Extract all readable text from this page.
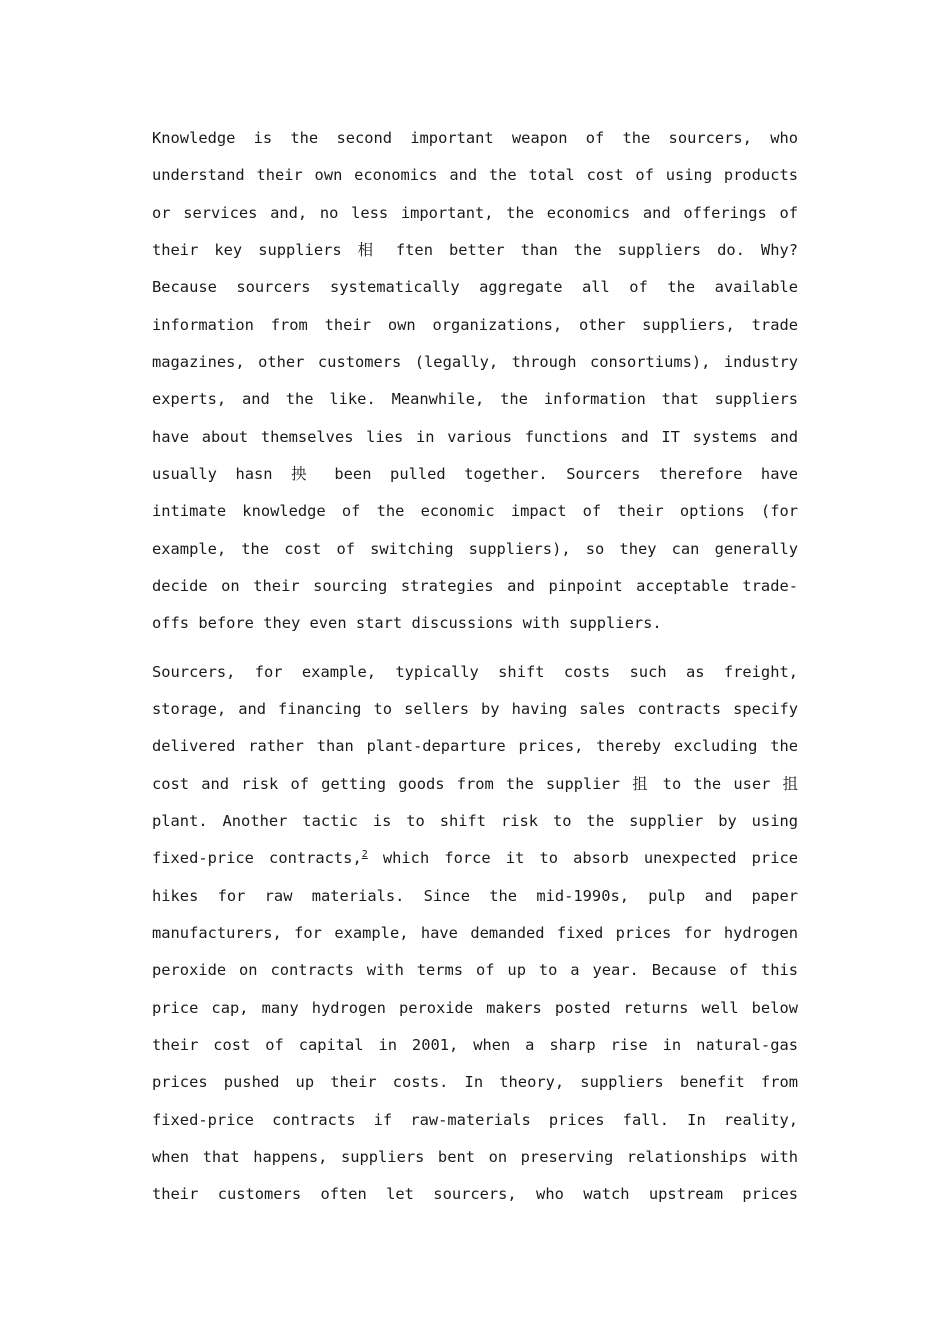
Knowledge is the second important weapon of the sourcers, who
understand their own economics and the total cost of using products
or services and, no less important, the economics and offerings of
their key suppliers 相 ften better than the suppliers do. Why?
Because sourcers systematically aggregate all of the available
information from their own organizations, other suppliers, trade
magazines, other customers (legally, through consortiums), industry
experts, and the like. Meanwhile, the information that suppliers
have about themselves lies in various functions and IT systems and
usually hasn 抰 been pulled together. Sourcers therefore have
intimate knowledge of the economic impact of their options (for
example, the cost of switching suppliers), so they can generally
decide on their sourcing strategies and pinpoint acceptable trade-
offs before they even start discussions with suppliers.
Sourcers, for example, typically shift costs such as freight,
storage, and financing to sellers by having sales contracts specify
delivered rather than plant-departure prices, thereby excluding the
cost and risk of getting goods from the supplier 抯 to the user 抯
plant. Another tactic is to shift risk to the supplier by using
fixed-price contracts,$^2$ which force it to absorb unexpected price
hikes for raw materials. Since the mid-1990s, pulp and paper
manufacturers, for example, have demanded fixed prices for hydrogen
peroxide on contracts with terms of up to a year. Because of this
price cap, many hydrogen peroxide makers posted returns well below
their cost of capital in 2001, when a sharp rise in natural-gas
prices pushed up their costs. In theory, suppliers benefit from
fixed-price contracts if raw-materials prices fall. In reality,
when that happens, suppliers bent on preserving relationships with
their customers often let sourcers, who watch upstream prices
